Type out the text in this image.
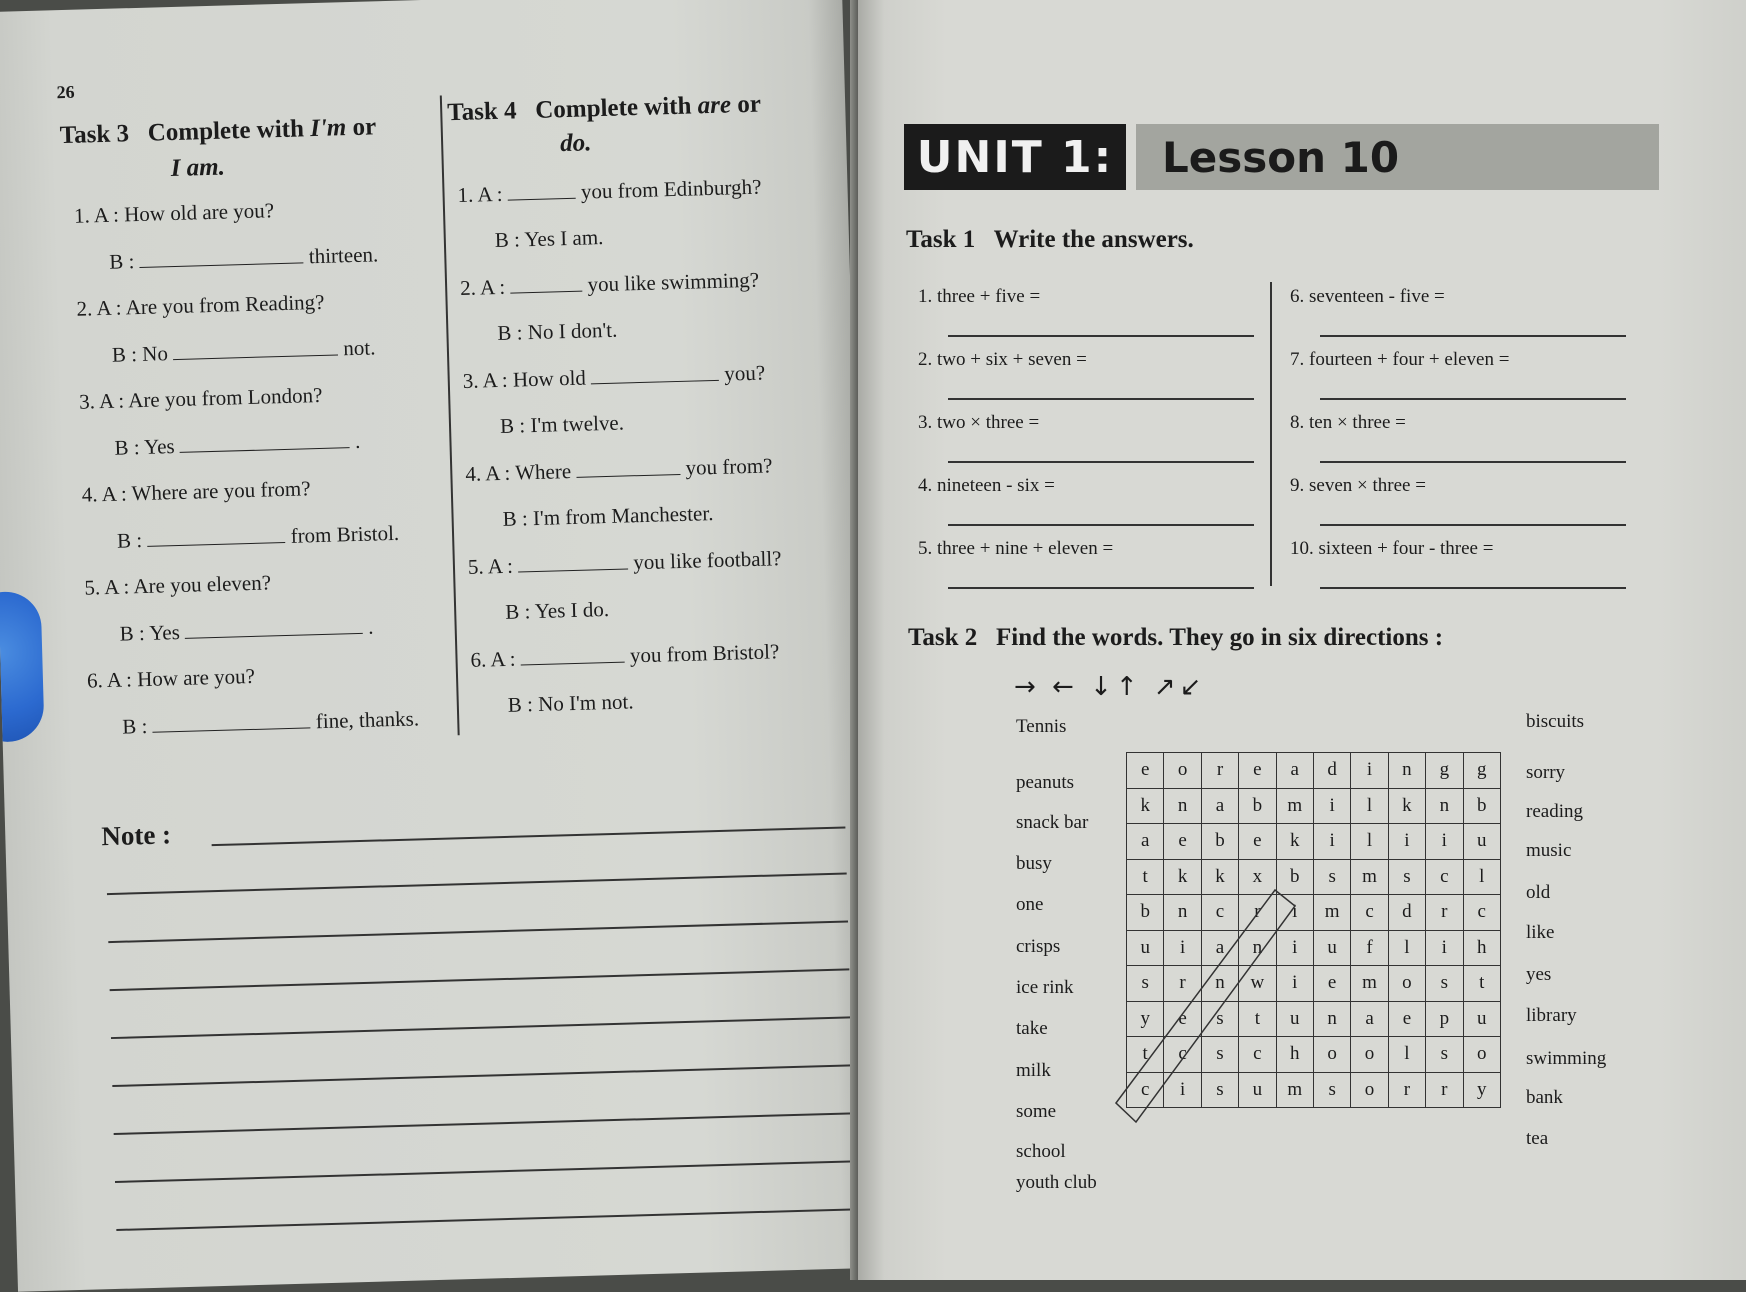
26
Task 3 Complete with I'm or
I am.
1. A : How old are you?
B :	thirteen.
2. A : Are you from Reading?
B : No	not.
3. A : Are you from London?
B : Yes	.
4. A : Where are you from?
B :	from Bristol.
5. A : Are you eleven?
B : Yes	.
6. A : How are you?
B :	fine, thanks.
Task 4 Complete with are or
do.
1. A :	you from Edinburgh?
B : Yes I am.
2. A :	you like swimming?
B : No I don't.
3. A : How old	you?
B : I'm twelve.
4. A : Where	you from?
B : I'm from Manchester.
5. A :	you like football?
B : Yes I do.
6. A :	you from Bristol?
B : No I'm not.
Note :
UNIT 1:	Lesson 10
Task 1 Write the answers.
1. three + five =
2. two + six + seven =
3. two × three =
4. nineteen - six =
5. three + nine + eleven =
6. seventeen - five =
7. fourteen + four + eleven =
8. ten × three =
9. seven × three =
10. sixteen + four - three =
Task 2 Find the words. They go in six directions :
→ ← ↓↑ ↗↙
Tennis
peanuts
snack bar
busy
one
crisps
ice rink
take
milk
some
school
youth club
biscuits
sorry
reading
music
old
like
yes
library
swimming
bank
tea
e	o	r	e	a	d	i	n	g	g
k	n	a	b	m	i	l	k	n	b
a	e	b	e	k	i	l	i	i	u
t	k	k	x	b	s	m	s	c	l
b	n	c	r	i	m	c	d	r	c
u	i	a	n	i	u	f	l	i	h
s	r	n	w	i	e	m	o	s	t
y	e	s	t	u	n	a	e	p	u
t	c	s	c	h	o	o	l	s	o
c	i	s	u	m	s	o	r	r	y
